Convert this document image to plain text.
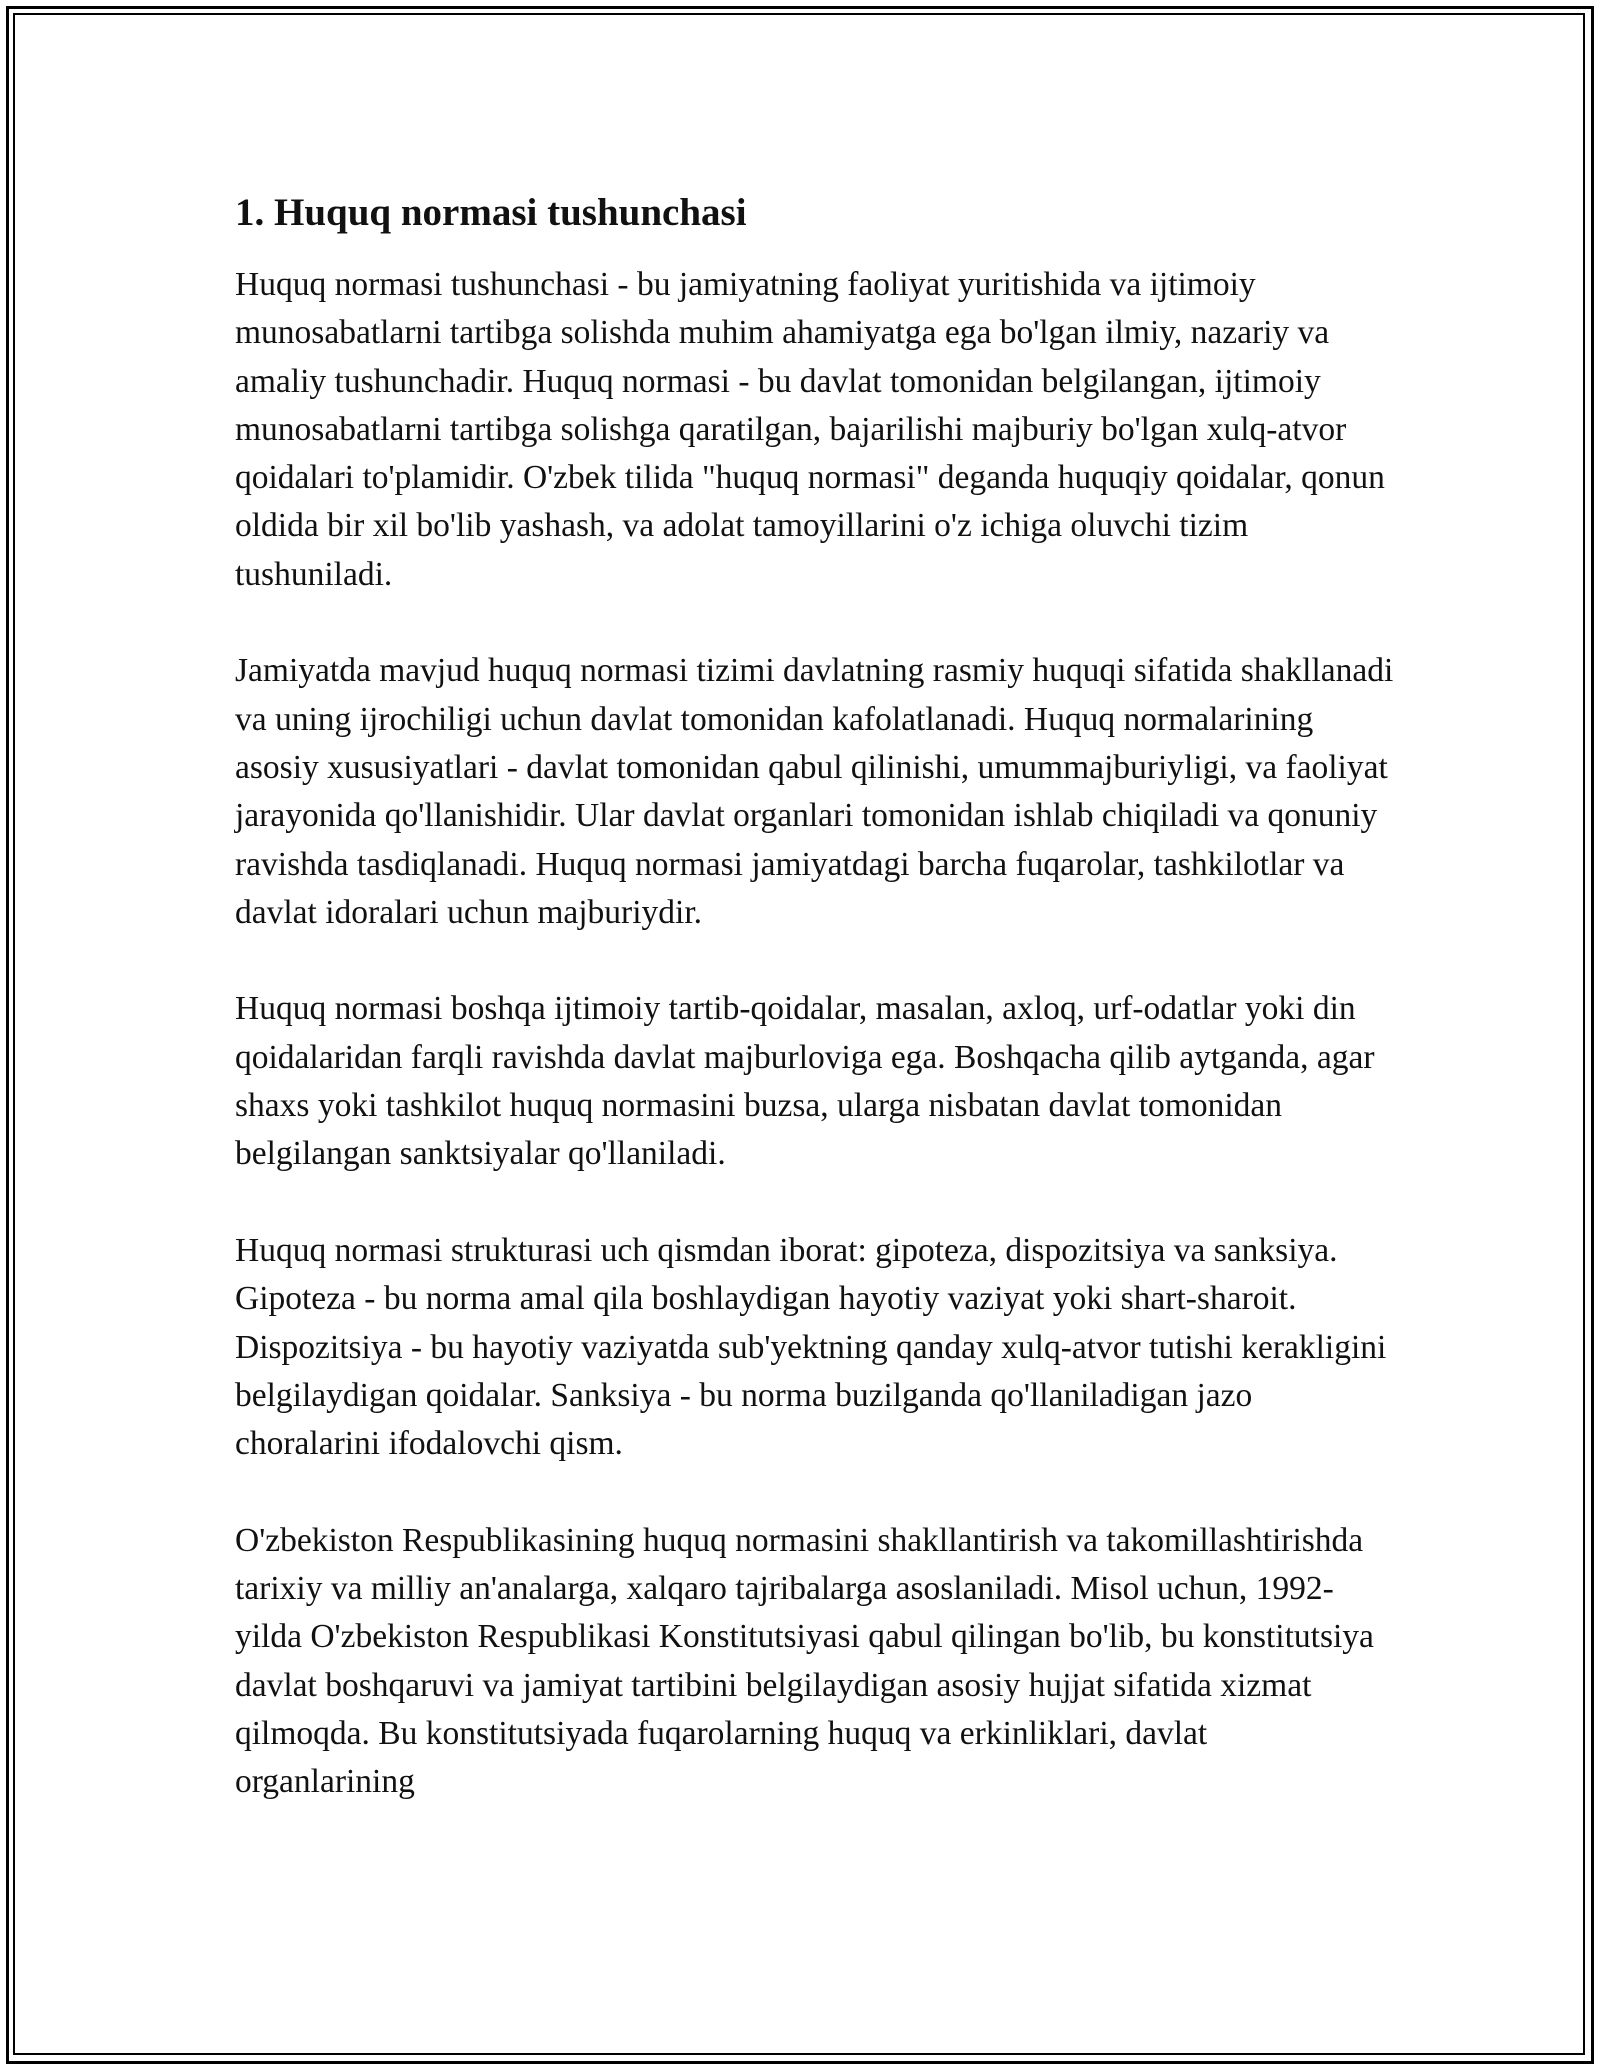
1. Huquq normasi tushunchasi

Huquq normasi tushunchasi - bu jamiyatning faoliyat yuritishida va ijtimoiy munosabatlarni tartibga solishda muhim ahamiyatga ega bo'lgan ilmiy, nazariy va amaliy tushunchadir. Huquq normasi - bu davlat tomonidan belgilangan, ijtimoiy munosabatlarni tartibga solishga qaratilgan, bajarilishi majburiy bo'lgan xulq-atvor qoidalari to'plamidir. O'zbek tilida "huquq normasi" deganda huquqiy qoidalar, qonun oldida bir xil bo'lib yashash, va adolat tamoyillarini o'z ichiga oluvchi tizim tushuniladi.

Jamiyatda mavjud huquq normasi tizimi davlatning rasmiy huquqi sifatida shakllanadi va uning ijrochiligi uchun davlat tomonidan kafolatlanadi. Huquq normalarining asosiy xususiyatlari - davlat tomonidan qabul qilinishi, umummajburiyligi, va faoliyat jarayonida qo'llanishidir. Ular davlat organlari tomonidan ishlab chiqiladi va qonuniy ravishda tasdiqlanadi. Huquq normasi jamiyatdagi barcha fuqarolar, tashkilotlar va davlat idoralari uchun majburiydir.

Huquq normasi boshqa ijtimoiy tartib-qoidalar, masalan, axloq, urf-odatlar yoki din qoidalaridan farqli ravishda davlat majburloviga ega. Boshqacha qilib aytganda, agar shaxs yoki tashkilot huquq normasini buzsa, ularga nisbatan davlat tomonidan belgilangan sanktsiyalar qo'llaniladi.

Huquq normasi strukturasi uch qismdan iborat: gipoteza, dispozitsiya va sanksiya. Gipoteza - bu norma amal qila boshlaydigan hayotiy vaziyat yoki shart-sharoit. Dispozitsiya - bu hayotiy vaziyatda sub'yektning qanday xulq-atvor tutishi kerakligini belgilaydigan qoidalar. Sanksiya - bu norma buzilganda qo'llaniladigan jazo choralarini ifodalovchi qism.

O'zbekiston Respublikasining huquq normasini shakllantirish va takomillashtirishda tarixiy va milliy an'analarga, xalqaro tajribalarga asoslaniladi. Misol uchun, 1992-yilda O'zbekiston Respublikasi Konstitutsiyasi qabul qilingan bo'lib, bu konstitutsiya davlat boshqaruvi va jamiyat tartibini belgilaydigan asosiy hujjat sifatida xizmat qilmoqda. Bu konstitutsiyada fuqarolarning huquq va erkinliklari, davlat organlarining
